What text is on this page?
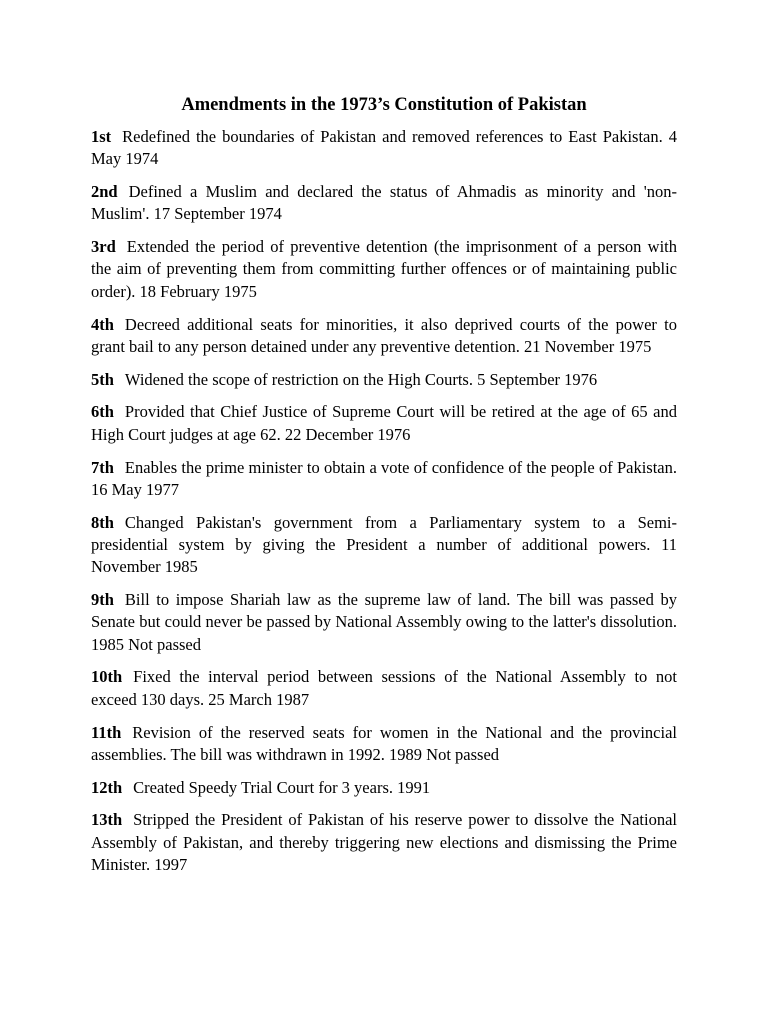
Amendments in the 1973’s Constitution of Pakistan

1st Redefined the boundaries of Pakistan and removed references to East Pakistan. 4 May 1974

2nd Defined a Muslim and declared the status of Ahmadis as minority and 'non-Muslim'. 17 September 1974

3rd Extended the period of preventive detention (the imprisonment of a person with the aim of preventing them from committing further offences or of maintaining public order). 18 February 1975

4th Decreed additional seats for minorities, it also deprived courts of the power to grant bail to any person detained under any preventive detention. 21 November 1975

5th Widened the scope of restriction on the High Courts. 5 September 1976

6th Provided that Chief Justice of Supreme Court will be retired at the age of 65 and High Court judges at age 62. 22 December 1976

7th Enables the prime minister to obtain a vote of confidence of the people of Pakistan. 16 May 1977

8th Changed Pakistan's government from a Parliamentary system to a Semi-presidential system by giving the President a number of additional powers. 11 November 1985

9th Bill to impose Shariah law as the supreme law of land. The bill was passed by Senate but could never be passed by National Assembly owing to the latter's dissolution. 1985 Not passed

10th Fixed the interval period between sessions of the National Assembly to not exceed 130 days. 25 March 1987

11th Revision of the reserved seats for women in the National and the provincial assemblies. The bill was withdrawn in 1992. 1989 Not passed

12th Created Speedy Trial Court for 3 years. 1991

13th Stripped the President of Pakistan of his reserve power to dissolve the National Assembly of Pakistan, and thereby triggering new elections and dismissing the Prime Minister. 1997
